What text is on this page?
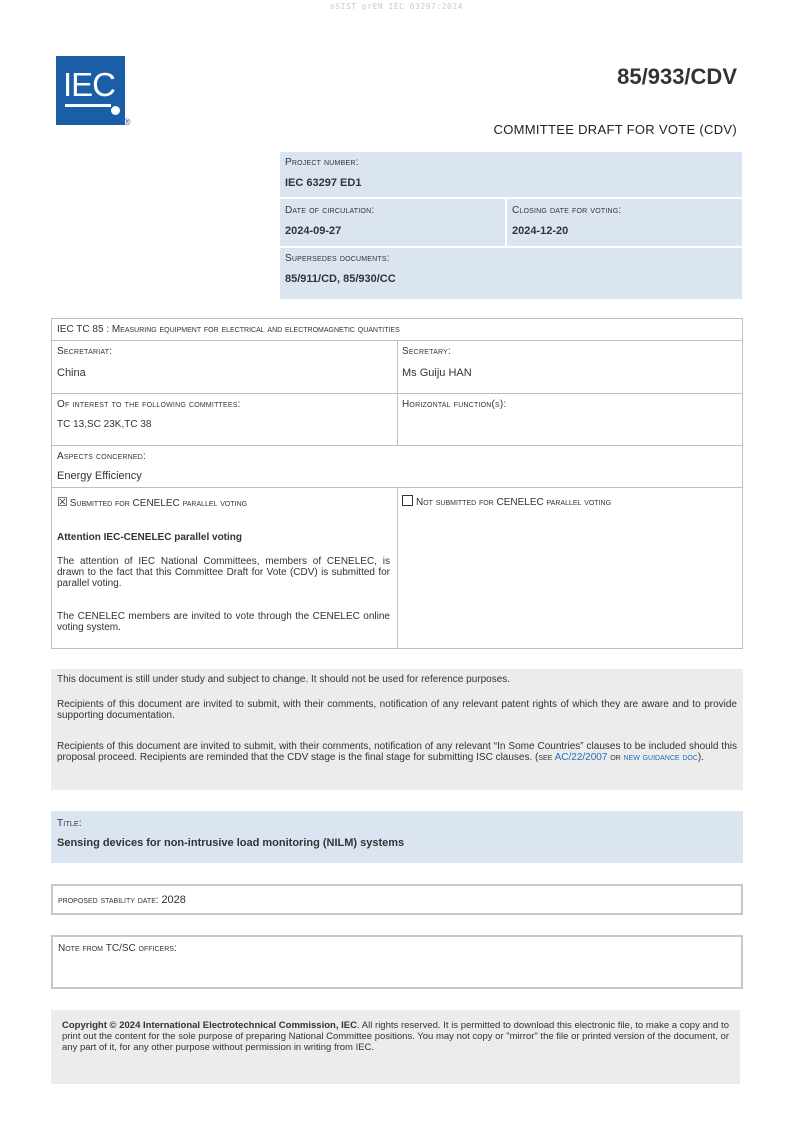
oSIST prEN IEC 63297:2024
IEC
®
85/933/CDV
COMMITTEE DRAFT FOR VOTE (CDV)
Project number:
IEC 63297 ED1
Date of circulation:
2024-09-27
Closing date for voting:
2024-12-20
Supersedes documents:
85/911/CD, 85/930/CC
IEC TC 85 : Measuring equipment for electrical and electromagnetic quantities
Secretariat:
China
Secretary:
Ms Guiju HAN
Of interest to the following committees:
TC 13,SC 23K,TC 38
Horizontal function(s):
Aspects concerned:
Energy Efficiency
☒ Submitted for CENELEC parallel voting	Not submitted for CENELEC parallel voting
Attention IEC-CENELEC parallel voting
The attention of IEC National Committees, members of CENELEC, is drawn to the fact that this Committee Draft for Vote (CDV) is submitted for parallel voting.
The CENELEC members are invited to vote through the CENELEC online voting system.
This document is still under study and subject to change. It should not be used for reference purposes.
Recipients of this document are invited to submit, with their comments, notification of any relevant patent rights of which they are aware and to provide supporting documentation.
Recipients of this document are invited to submit, with their comments, notification of any relevant “In Some Countries” clauses to be included should this proposal proceed. Recipients are reminded that the CDV stage is the final stage for submitting ISC clauses. (see AC/22/2007 or new guidance doc).
Title:
Sensing devices for non-intrusive load monitoring (NILM) systems
proposed stability date: 2028
Note from TC/SC officers:
Copyright © 2024 International Electrotechnical Commission, IEC. All rights reserved. It is permitted to download this electronic file, to make a copy and to print out the content for the sole purpose of preparing National Committee positions. You may not copy or "mirror" the file or printed version of the document, or any part of it, for any other purpose without permission in writing from IEC.
